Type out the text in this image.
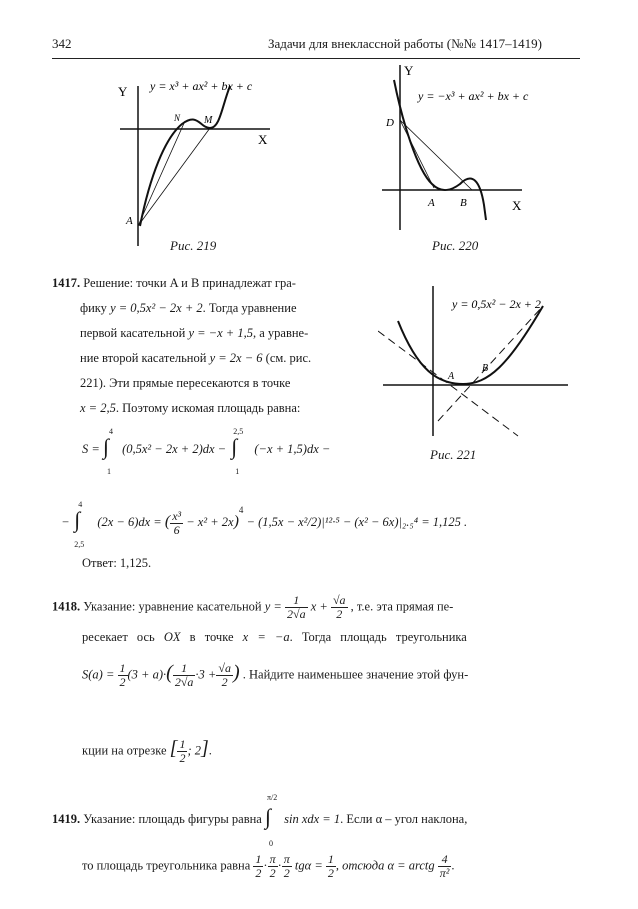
342	Задачи для внеклассной работы (№№ 1417–1419)
Y
X
y = x³ + ax² + bx + c
A
N M
Рис. 219
Y
X
y = −x³ + ax² + bx + c
D
A B
Рис. 220
y = 0,5x² − 2x + 2
A
B
Рис. 221
1417. Решение: точки A и B принадлежат гра-
фику y = 0,5x² − 2x + 2. Тогда уравнение
первой касательной y = −x + 1,5, а уравне-
ние второй касательной y = 2x − 6 (см. рис.
221). Эти прямые пересекаются в точке
x = 2,5. Поэтому искомая площадь равна:
S =
4
∫
1
(0,5x² − 2x + 2)dx −
2,5
∫
1
(−x + 1,5)dx −
−
4
∫
2,5
(2x − 6)dx = ( $\frac{\text{x³}}{6} - x^2 + 2x)^4 - (1,5x - x^2/2)|^{12}\cdot^5 - (x^2 - 6x)|_2._5^4 = 1,125$ .
Ответ: 1,125.
1418. Указание: уравнение касательной $y = \frac{1}{2√a}$ $x + \frac{√a}{2}$ , т.е. эта прямая пе-
ресекает ось OX в точке x = −a. Тогда площадь треугольника
$S(a) = \frac{1}{2} (3 + a)\cdot( \frac{1}{2√a} \cdot 3 + \frac{√a}{2}$ ) . Найдите наименьшее значение этой фун-
кции на отрезке [ $\frac{1}{2}$ ; 2].
1419. Указание: площадь фигуры равна
π/2
∫
0
sin xdx = 1. Если α – угол наклона,
то площадь треугольника равна $\frac{1}{2} \cdot \frac{\pi}{2} \cdot \frac{\pi}{2}$ $tg\alpha = \frac{1}{2}$ , отсюда α = arctg $\frac{4}{\text{π²}}$ .
